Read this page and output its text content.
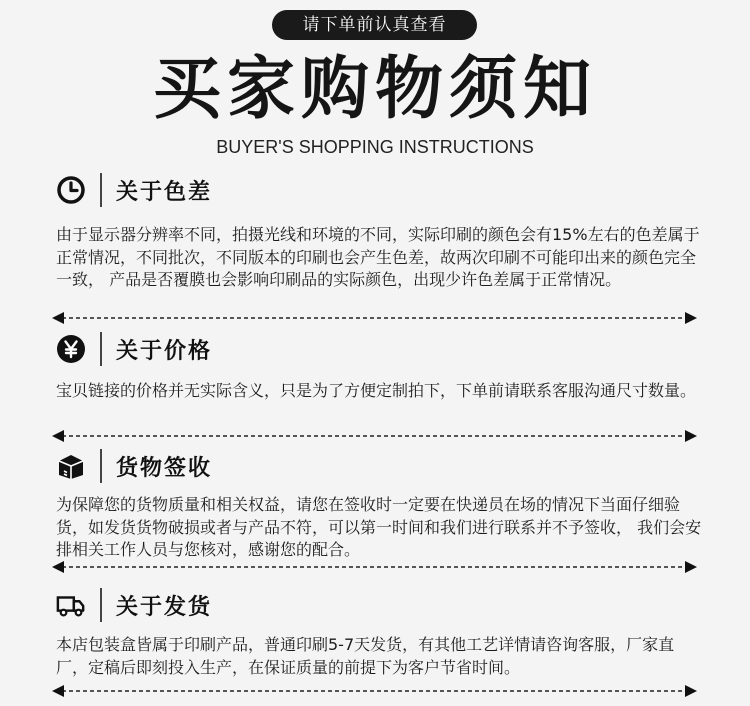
请下单前认真查看
买家购物须知
BUYER'S SHOPPING INSTRUCTIONS
关于色差

由于显示器分辨率不同，拍摄光线和环境的不同，实际印刷的颜色会有15%左右的色差属于正常情况，不同批次，不同版本的印刷也会产生色差，故两次印刷不可能印出来的颜色完全一致， 产品是否覆膜也会影响印刷品的实际颜色，出现少许色差属于正常情况。

关于价格

宝贝链接的价格并无实际含义，只是为了方便定制拍下，下单前请联系客服沟通尺寸数量。

货物签收

为保障您的货物质量和相关权益，请您在签收时一定要在快递员在场的情况下当面仔细验货，如发货货物破损或者与产品不符，可以第一时间和我们进行联系并不予签收， 我们会安排相关工作人员与您核对，感谢您的配合。

关于发货

本店包装盒皆属于印刷产品，普通印刷5-7天发货，有其他工艺详情请咨询客服，厂家直厂，定稿后即刻投入生产，在保证质量的前提下为客户节省时间。
